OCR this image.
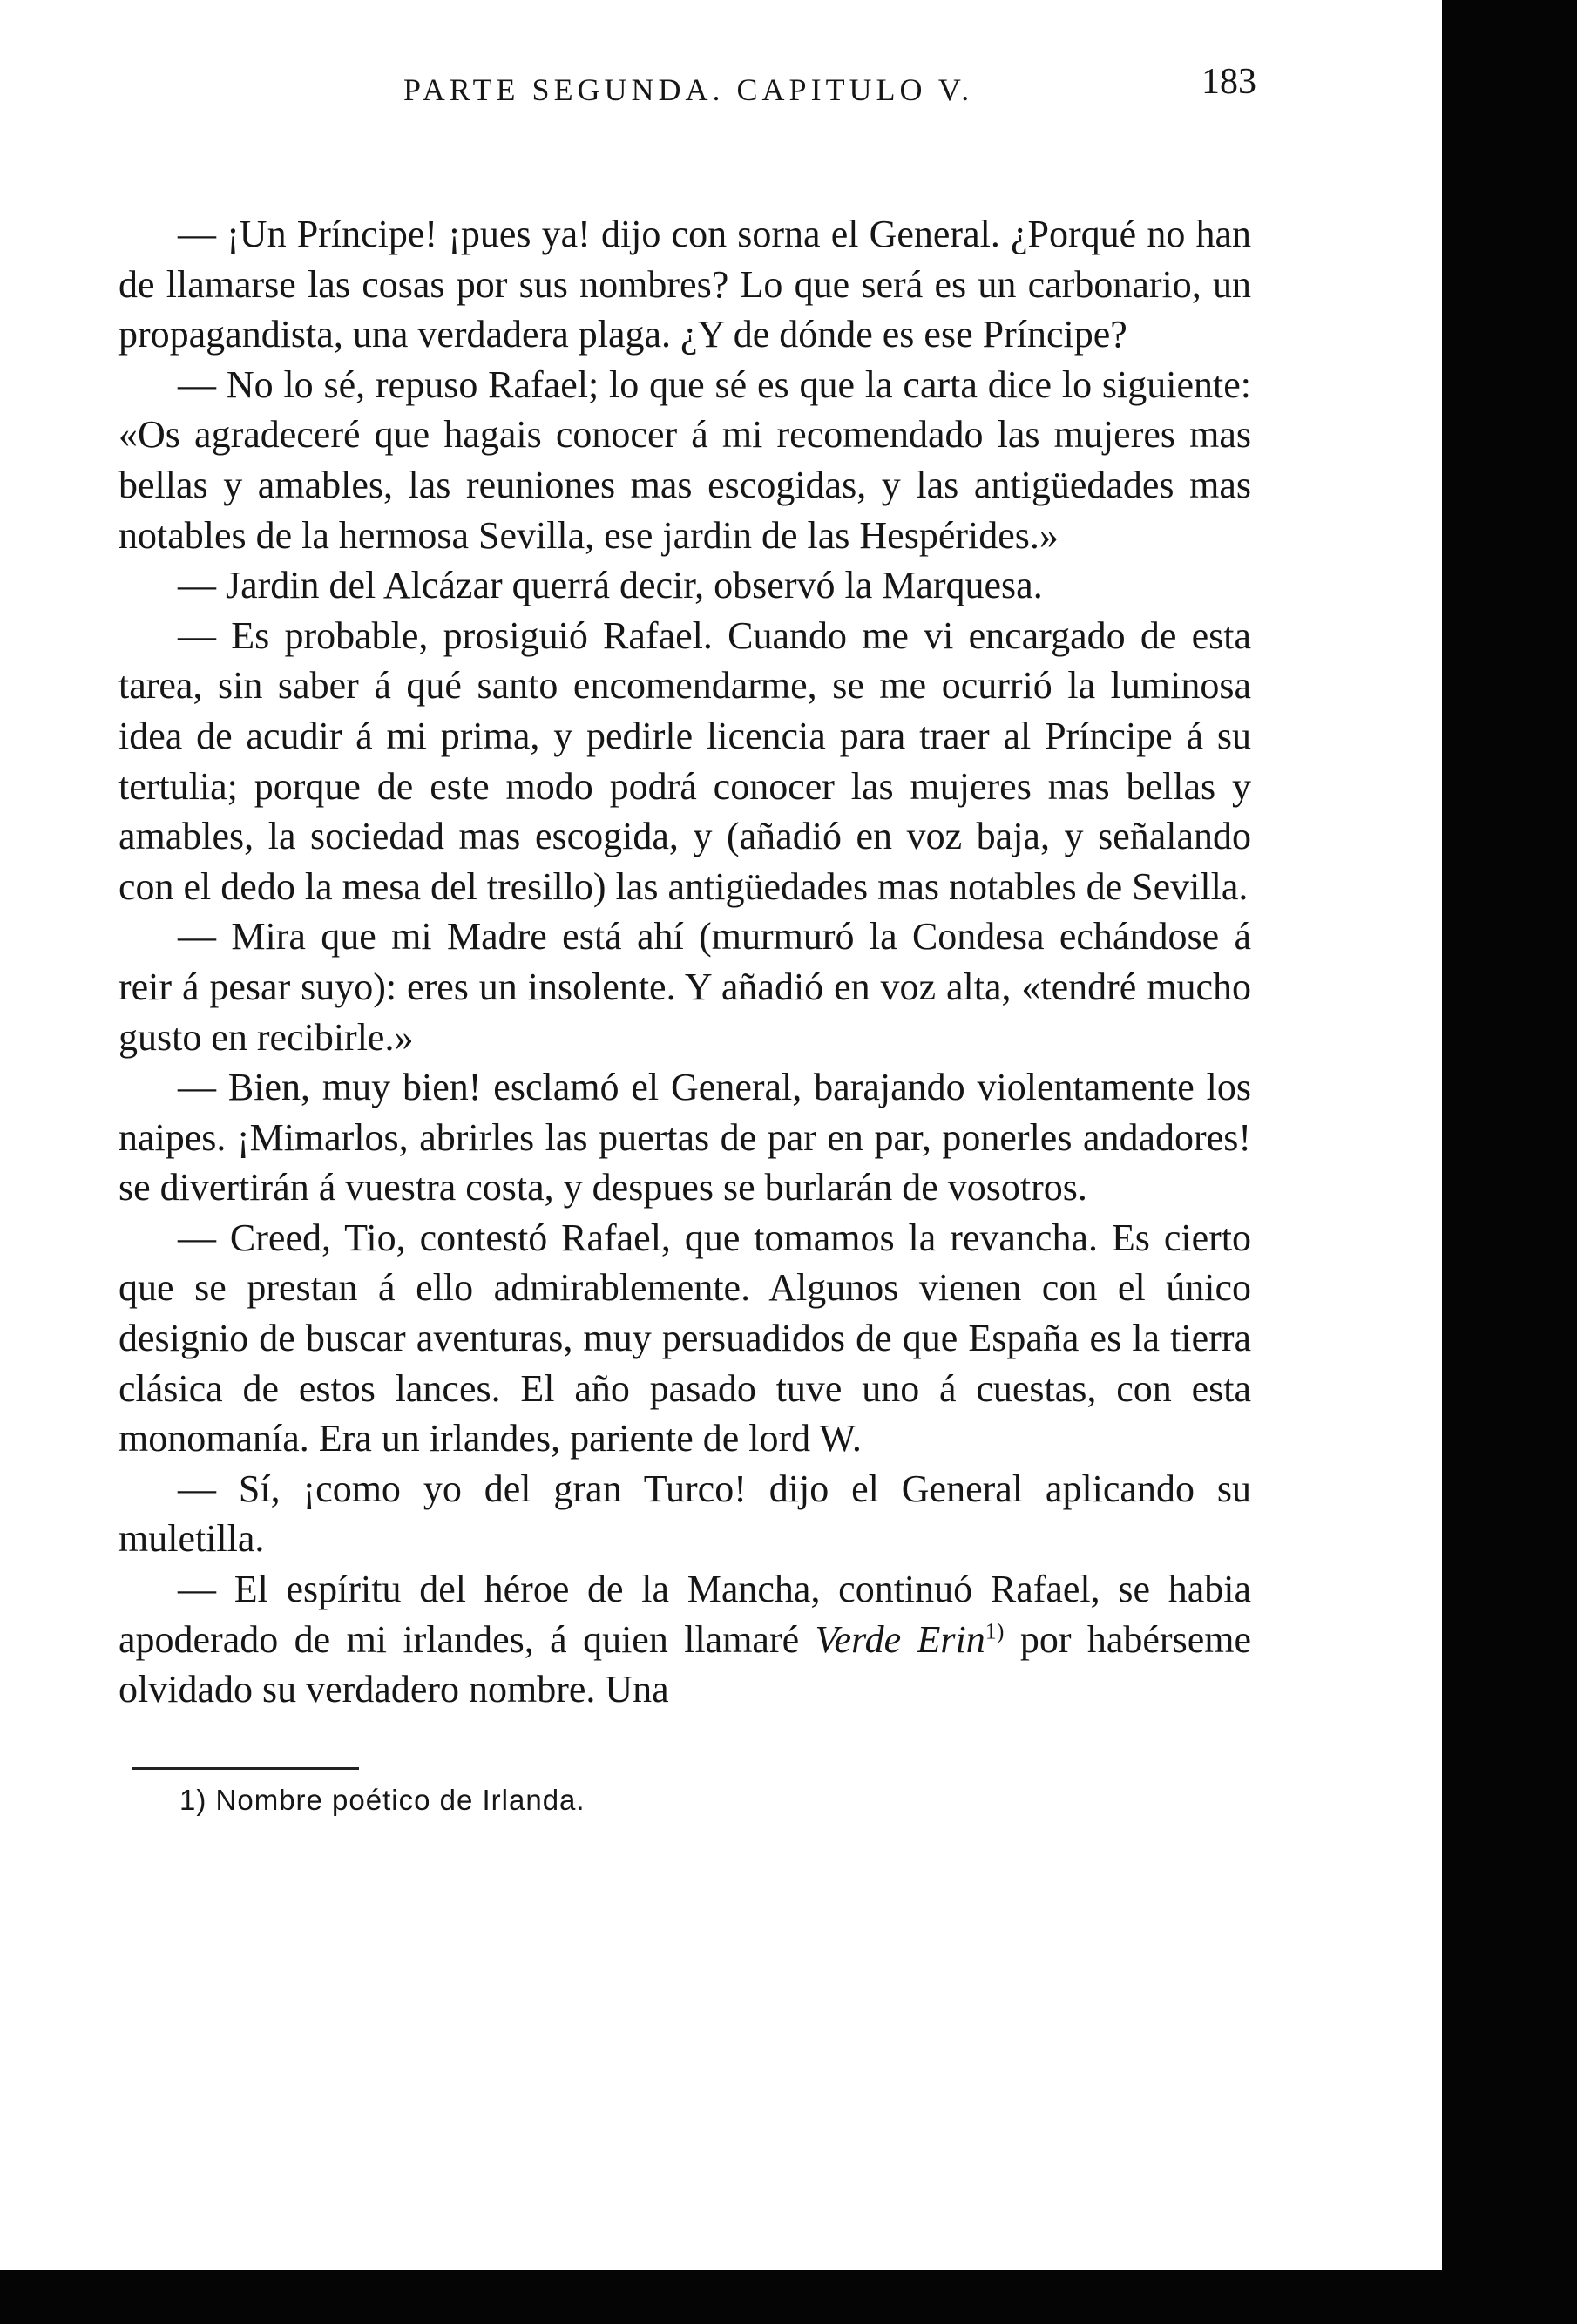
PARTE SEGUNDA. CAPITULO V.	183

— ¡Un Príncipe! ¡pues ya! dijo con sorna el General. ¿Porqué no han de llamarse las cosas por sus nombres? Lo que será es un carbonario, un propagandista, una verdadera plaga. ¿Y de dónde es ese Príncipe?

— No lo sé, repuso Rafael; lo que sé es que la carta dice lo siguiente: «Os agradeceré que hagais conocer á mi recomendado las mujeres mas bellas y amables, las reuniones mas escogidas, y las antigüedades mas notables de la hermosa Sevilla, ese jardin de las Hespérides.»

— Jardin del Alcázar querrá decir, observó la Marquesa.

— Es probable, prosiguió Rafael. Cuando me vi encargado de esta tarea, sin saber á qué santo encomendarme, se me ocurrió la luminosa idea de acudir á mi prima, y pedirle licencia para traer al Príncipe á su tertulia; porque de este modo podrá conocer las mujeres mas bellas y amables, la sociedad mas escogida, y (añadió en voz baja, y señalando con el dedo la mesa del tresillo) las antigüedades mas notables de Sevilla.

— Mira que mi Madre está ahí (murmuró la Condesa echándose á reir á pesar suyo): eres un insolente. Y añadió en voz alta, «tendré mucho gusto en recibirle.»

— Bien, muy bien! esclamó el General, barajando violentamente los naipes. ¡Mimarlos, abrirles las puertas de par en par, ponerles andadores! se divertirán á vuestra costa, y despues se burlarán de vosotros.

— Creed, Tio, contestó Rafael, que tomamos la revancha. Es cierto que se prestan á ello admirablemente. Algunos vienen con el único designio de buscar aventuras, muy persuadidos de que España es la tierra clásica de estos lances. El año pasado tuve uno á cuestas, con esta monomanía. Era un irlandes, pariente de lord W.

— Sí, ¡como yo del gran Turco! dijo el General aplicando su muletilla.

— El espíritu del héroe de la Mancha, continuó Rafael, se habia apoderado de mi irlandes, á quien llamaré Verde Erin$^{1)}$ por habérseme olvidado su verdadero nombre. Una

1) Nombre poético de Irlanda.
